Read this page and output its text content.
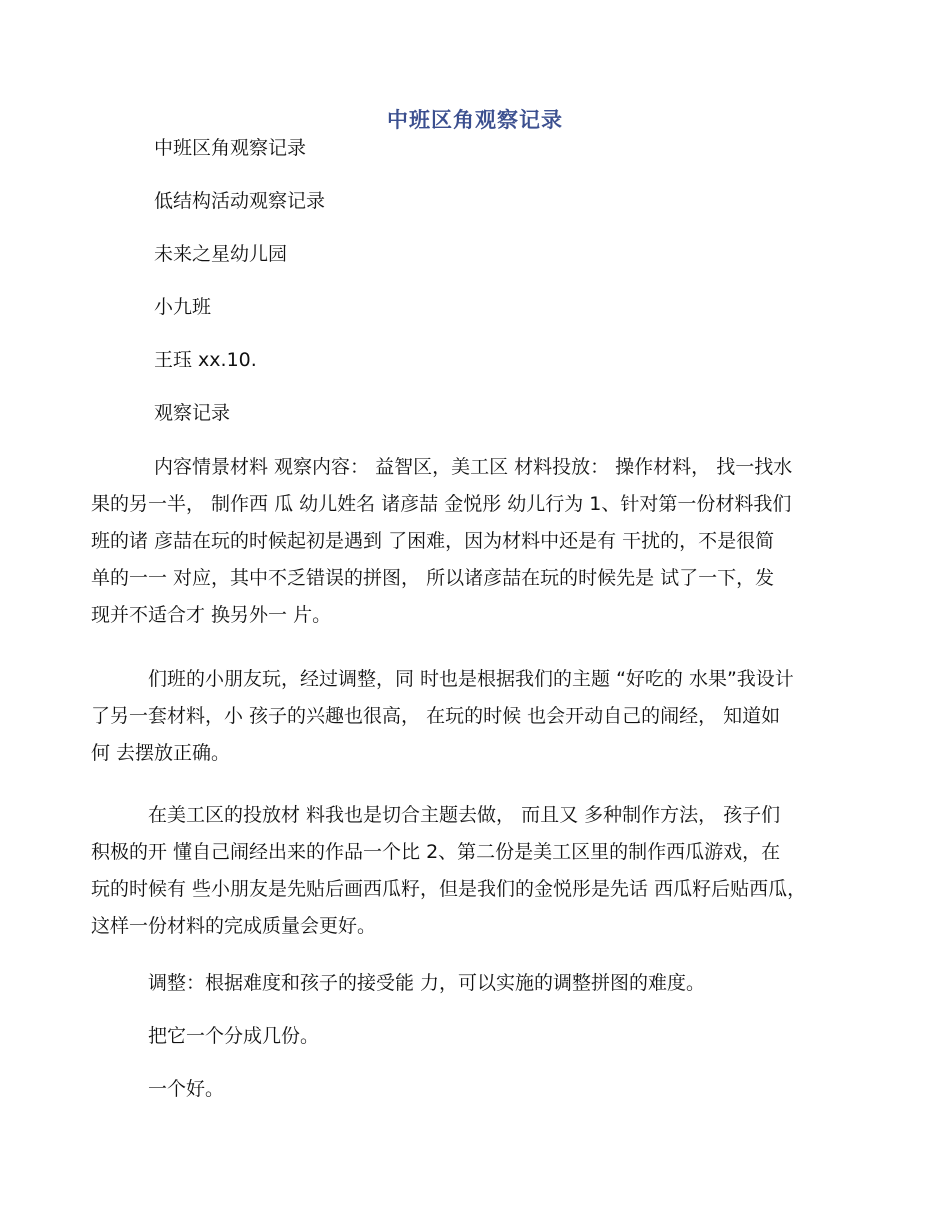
中班区角观察记录

中班区角观察记录

低结构活动观察记录

未来之星幼儿园

小九班

王珏 xx.10.

观察记录

内容情景材料 观察内容： 益智区，美工区 材料投放： 操作材料， 找一找水
果的另一半， 制作西 瓜 幼儿姓名 诸彦喆 金悦彤 幼儿行为 1、针对第一份材料我们
班的诸 彦喆在玩的时候起初是遇到 了困难，因为材料中还是有 干扰的，不是很简
单的一一 对应，其中不乏错误的拼图， 所以诸彦喆在玩的时候先是 试了一下，发
现并不适合才 换另外一 片。
们班的小朋友玩，经过调整，同 时也是根据我们的主题 “好吃的 水果”我设计
了另一套材料，小 孩子的兴趣也很高， 在玩的时候 也会开动自己的闹经， 知道如
何 去摆放正确。
在美工区的投放材 料我也是切合主题去做， 而且又 多种制作方法， 孩子们
积极的开 懂自己闹经出来的作品一个比 2、第二份是美工区里的制作西瓜游戏，在
玩的时候有 些小朋友是先贴后画西瓜籽，但是我们的金悦彤是先话 西瓜籽后贴西瓜，
这样一份材料的完成质量会更好。

调整：根据难度和孩子的接受能 力，可以实施的调整拼图的难度。

把它一个分成几份。

一个好。
